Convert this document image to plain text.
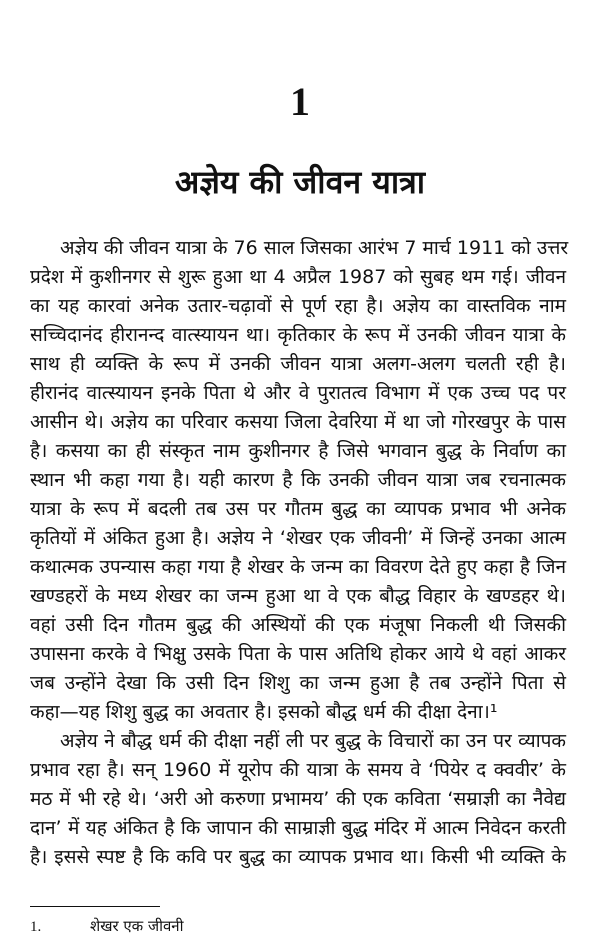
1
अज्ञेय की जीवन यात्रा
अज्ञेय की जीवन यात्रा के 76 साल जिसका आरंभ 7 मार्च 1911 को उत्तर
प्रदेश में कुशीनगर से शुरू हुआ था 4 अप्रैल 1987 को सुबह थम गई। जीवन
का यह कारवां अनेक उतार-चढ़ावों से पूर्ण रहा है। अज्ञेय का वास्तविक नाम
सच्चिदानंद हीरानन्द वात्स्यायन था। कृतिकार के रूप में उनकी जीवन यात्रा के
साथ ही व्यक्ति के रूप में उनकी जीवन यात्रा अलग-अलग चलती रही है।
हीरानंद वात्स्यायन इनके पिता थे और वे पुरातत्व विभाग में एक उच्च पद पर
आसीन थे। अज्ञेय का परिवार कसया जिला देवरिया में था जो गोरखपुर के पास
है। कसया का ही संस्कृत नाम कुशीनगर है जिसे भगवान बुद्ध के निर्वाण का
स्थान भी कहा गया है। यही कारण है कि उनकी जीवन यात्रा जब रचनात्मक
यात्रा के रूप में बदली तब उस पर गौतम बुद्ध का व्यापक प्रभाव भी अनेक
कृतियों में अंकित हुआ है। अज्ञेय ने ‘शेखर एक जीवनी’ में जिन्हें उनका आत्म
कथात्मक उपन्यास कहा गया है शेखर के जन्म का विवरण देते हुए कहा है जिन
खण्डहरों के मध्य शेखर का जन्म हुआ था वे एक बौद्ध विहार के खण्डहर थे।
वहां उसी दिन गौतम बुद्ध की अस्थियों की एक मंजूषा निकली थी जिसकी
उपासना करके वे भिक्षु उसके पिता के पास अतिथि होकर आये थे वहां आकर
जब उन्होंने देखा कि उसी दिन शिशु का जन्म हुआ है तब उन्होंने पिता से
कहा—यह शिशु बुद्ध का अवतार है। इसको बौद्ध धर्म की दीक्षा देना।¹
अज्ञेय ने बौद्ध धर्म की दीक्षा नहीं ली पर बुद्ध के विचारों का उन पर व्यापक
प्रभाव रहा है। सन् 1960 में यूरोप की यात्रा के समय वे ‘पियेर द क्ववीर’ के
मठ में भी रहे थे। ‘अरी ओ करुणा प्रभामय’ की एक कविता ‘सम्राज्ञी का नैवेद्य
दान’ में यह अंकित है कि जापान की साम्राज्ञी बुद्ध मंदिर में आत्म निवेदन करती
है। इससे स्पष्ट है कि कवि पर बुद्ध का व्यापक प्रभाव था। किसी भी व्यक्ति के
1.	शेखर एक जीवनी
